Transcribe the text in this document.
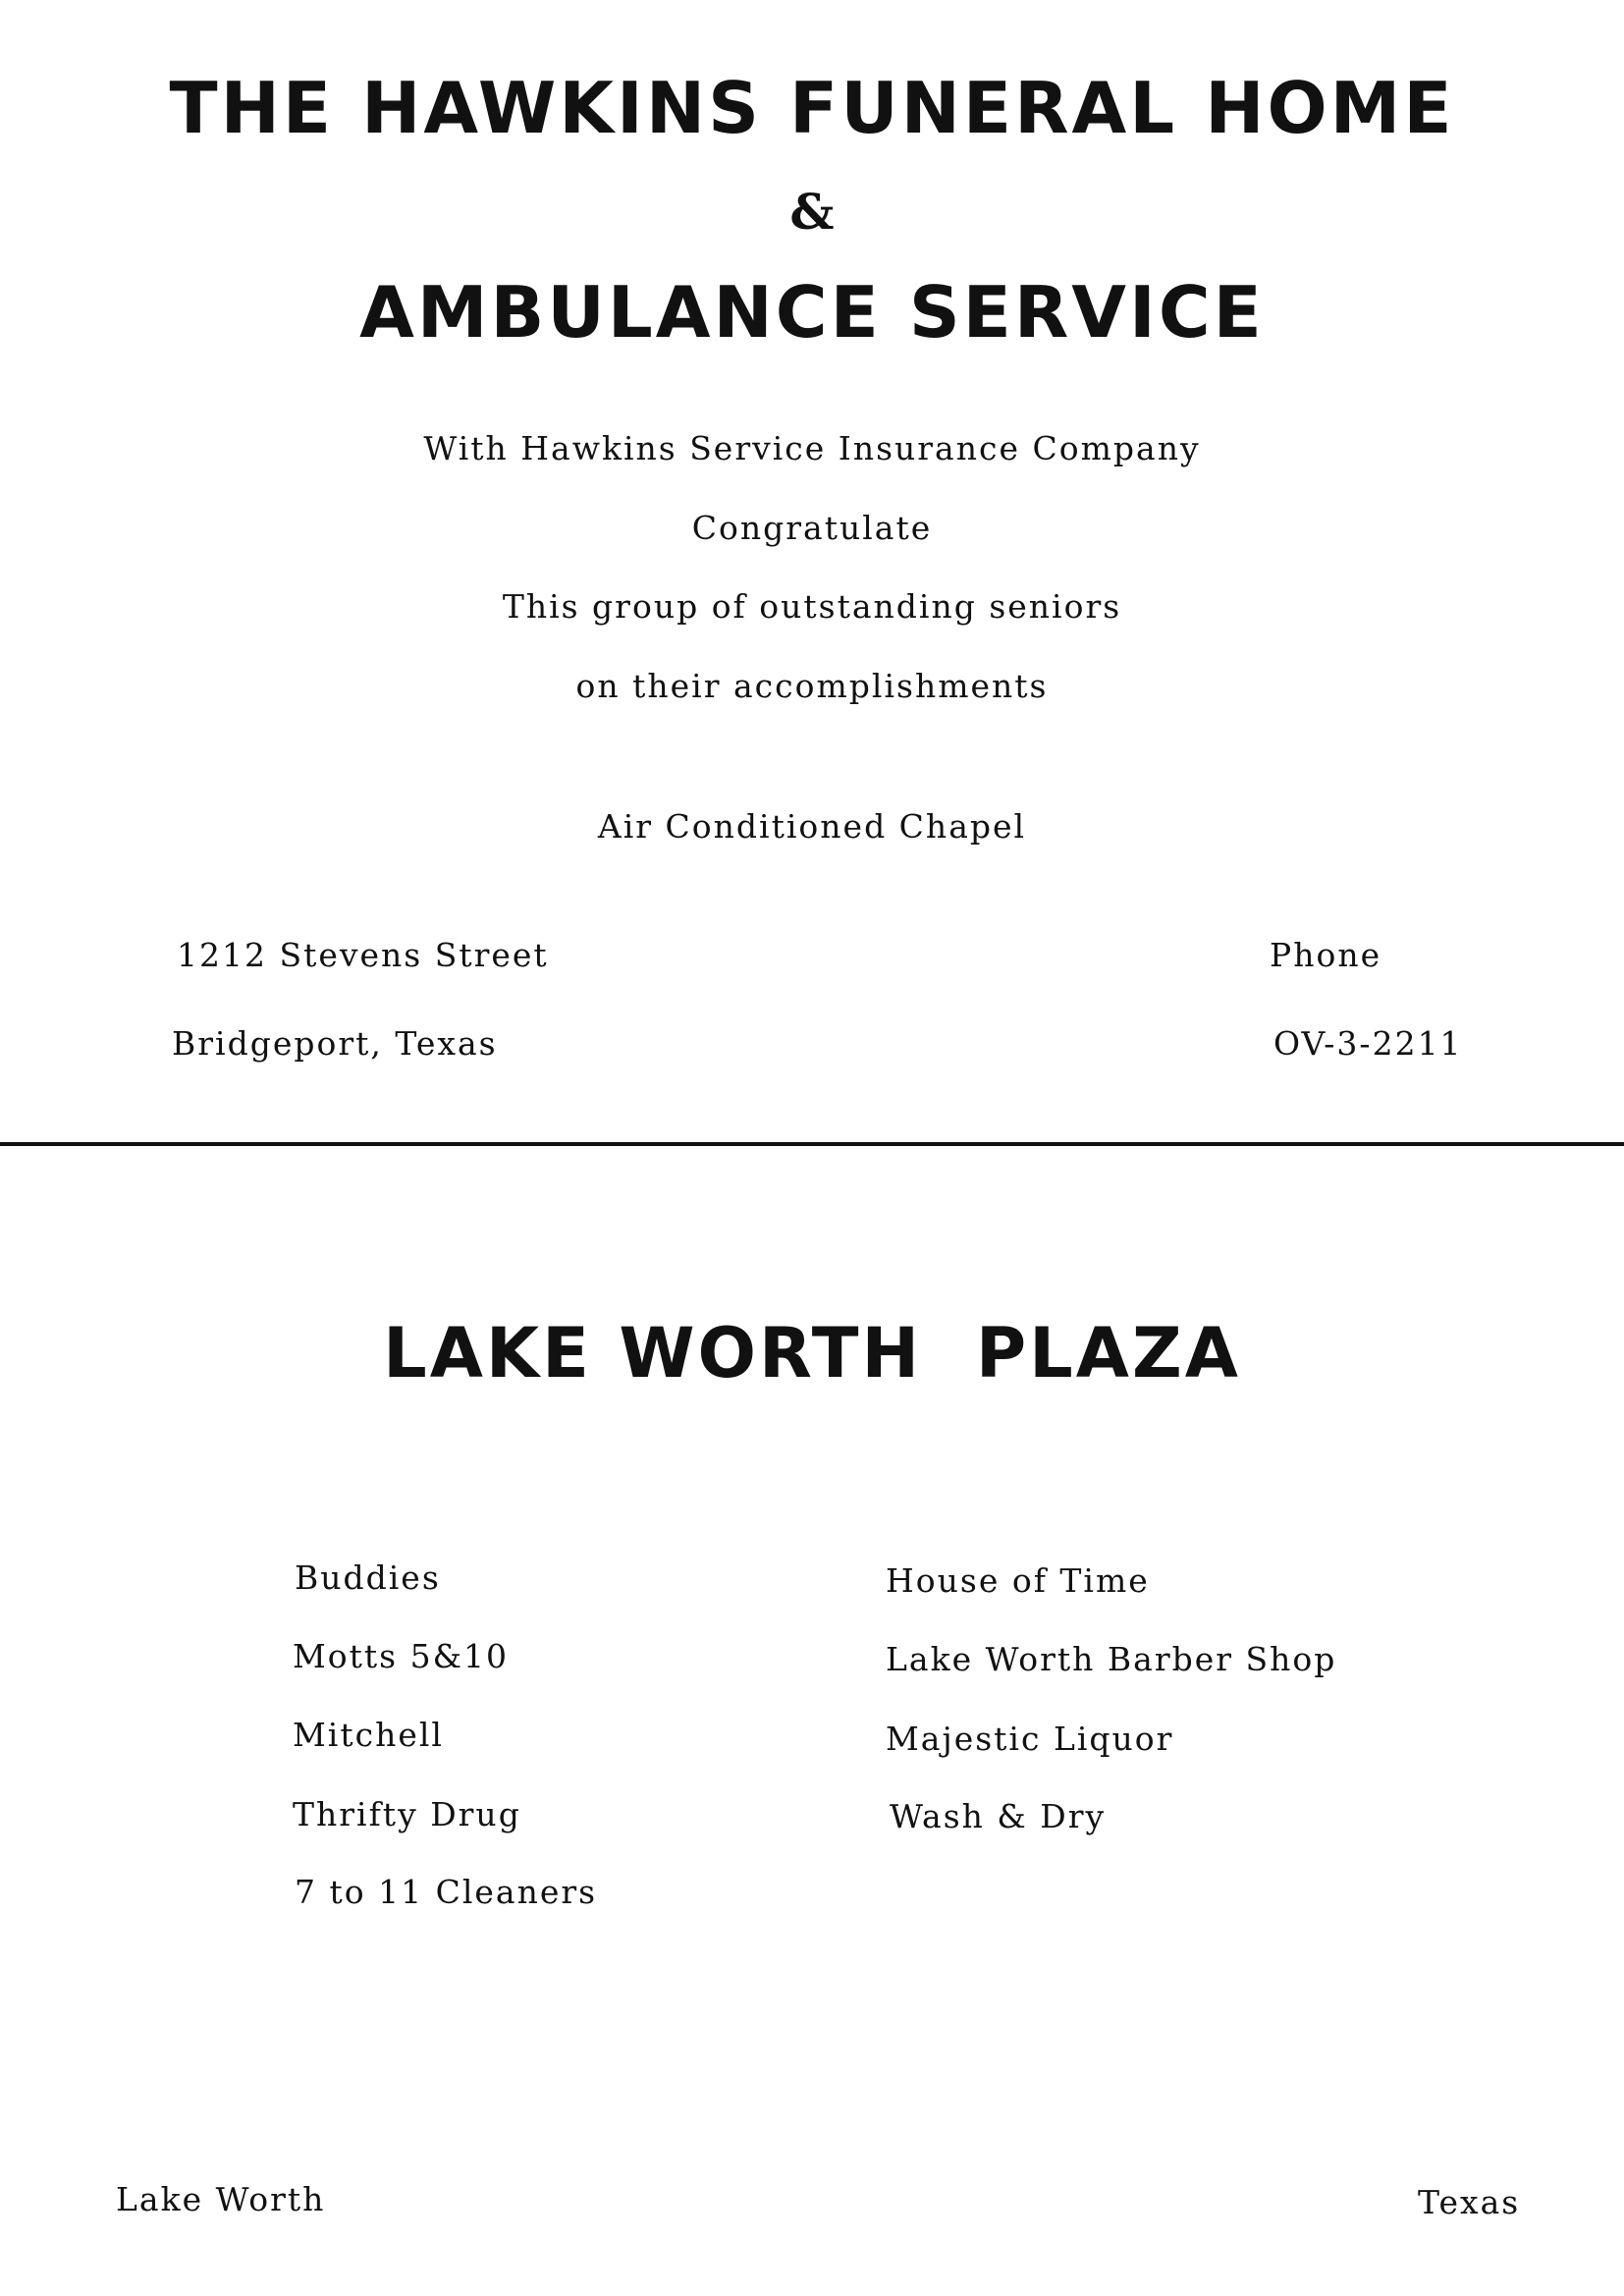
THE HAWKINS FUNERAL HOME
&
AMBULANCE SERVICE
With Hawkins Service Insurance Company
Congratulate
This group of outstanding seniors
on their accomplishments
Air Conditioned Chapel
1212 Stevens Street
Bridgeport, Texas
Phone
OV-3-2211
LAKE WORTH  PLAZA
Buddies
Motts 5&10
Mitchell
Thrifty Drug
7 to 11 Cleaners
House of Time
Lake Worth Barber Shop
Majestic Liquor
Wash & Dry
Lake Worth	Texas
